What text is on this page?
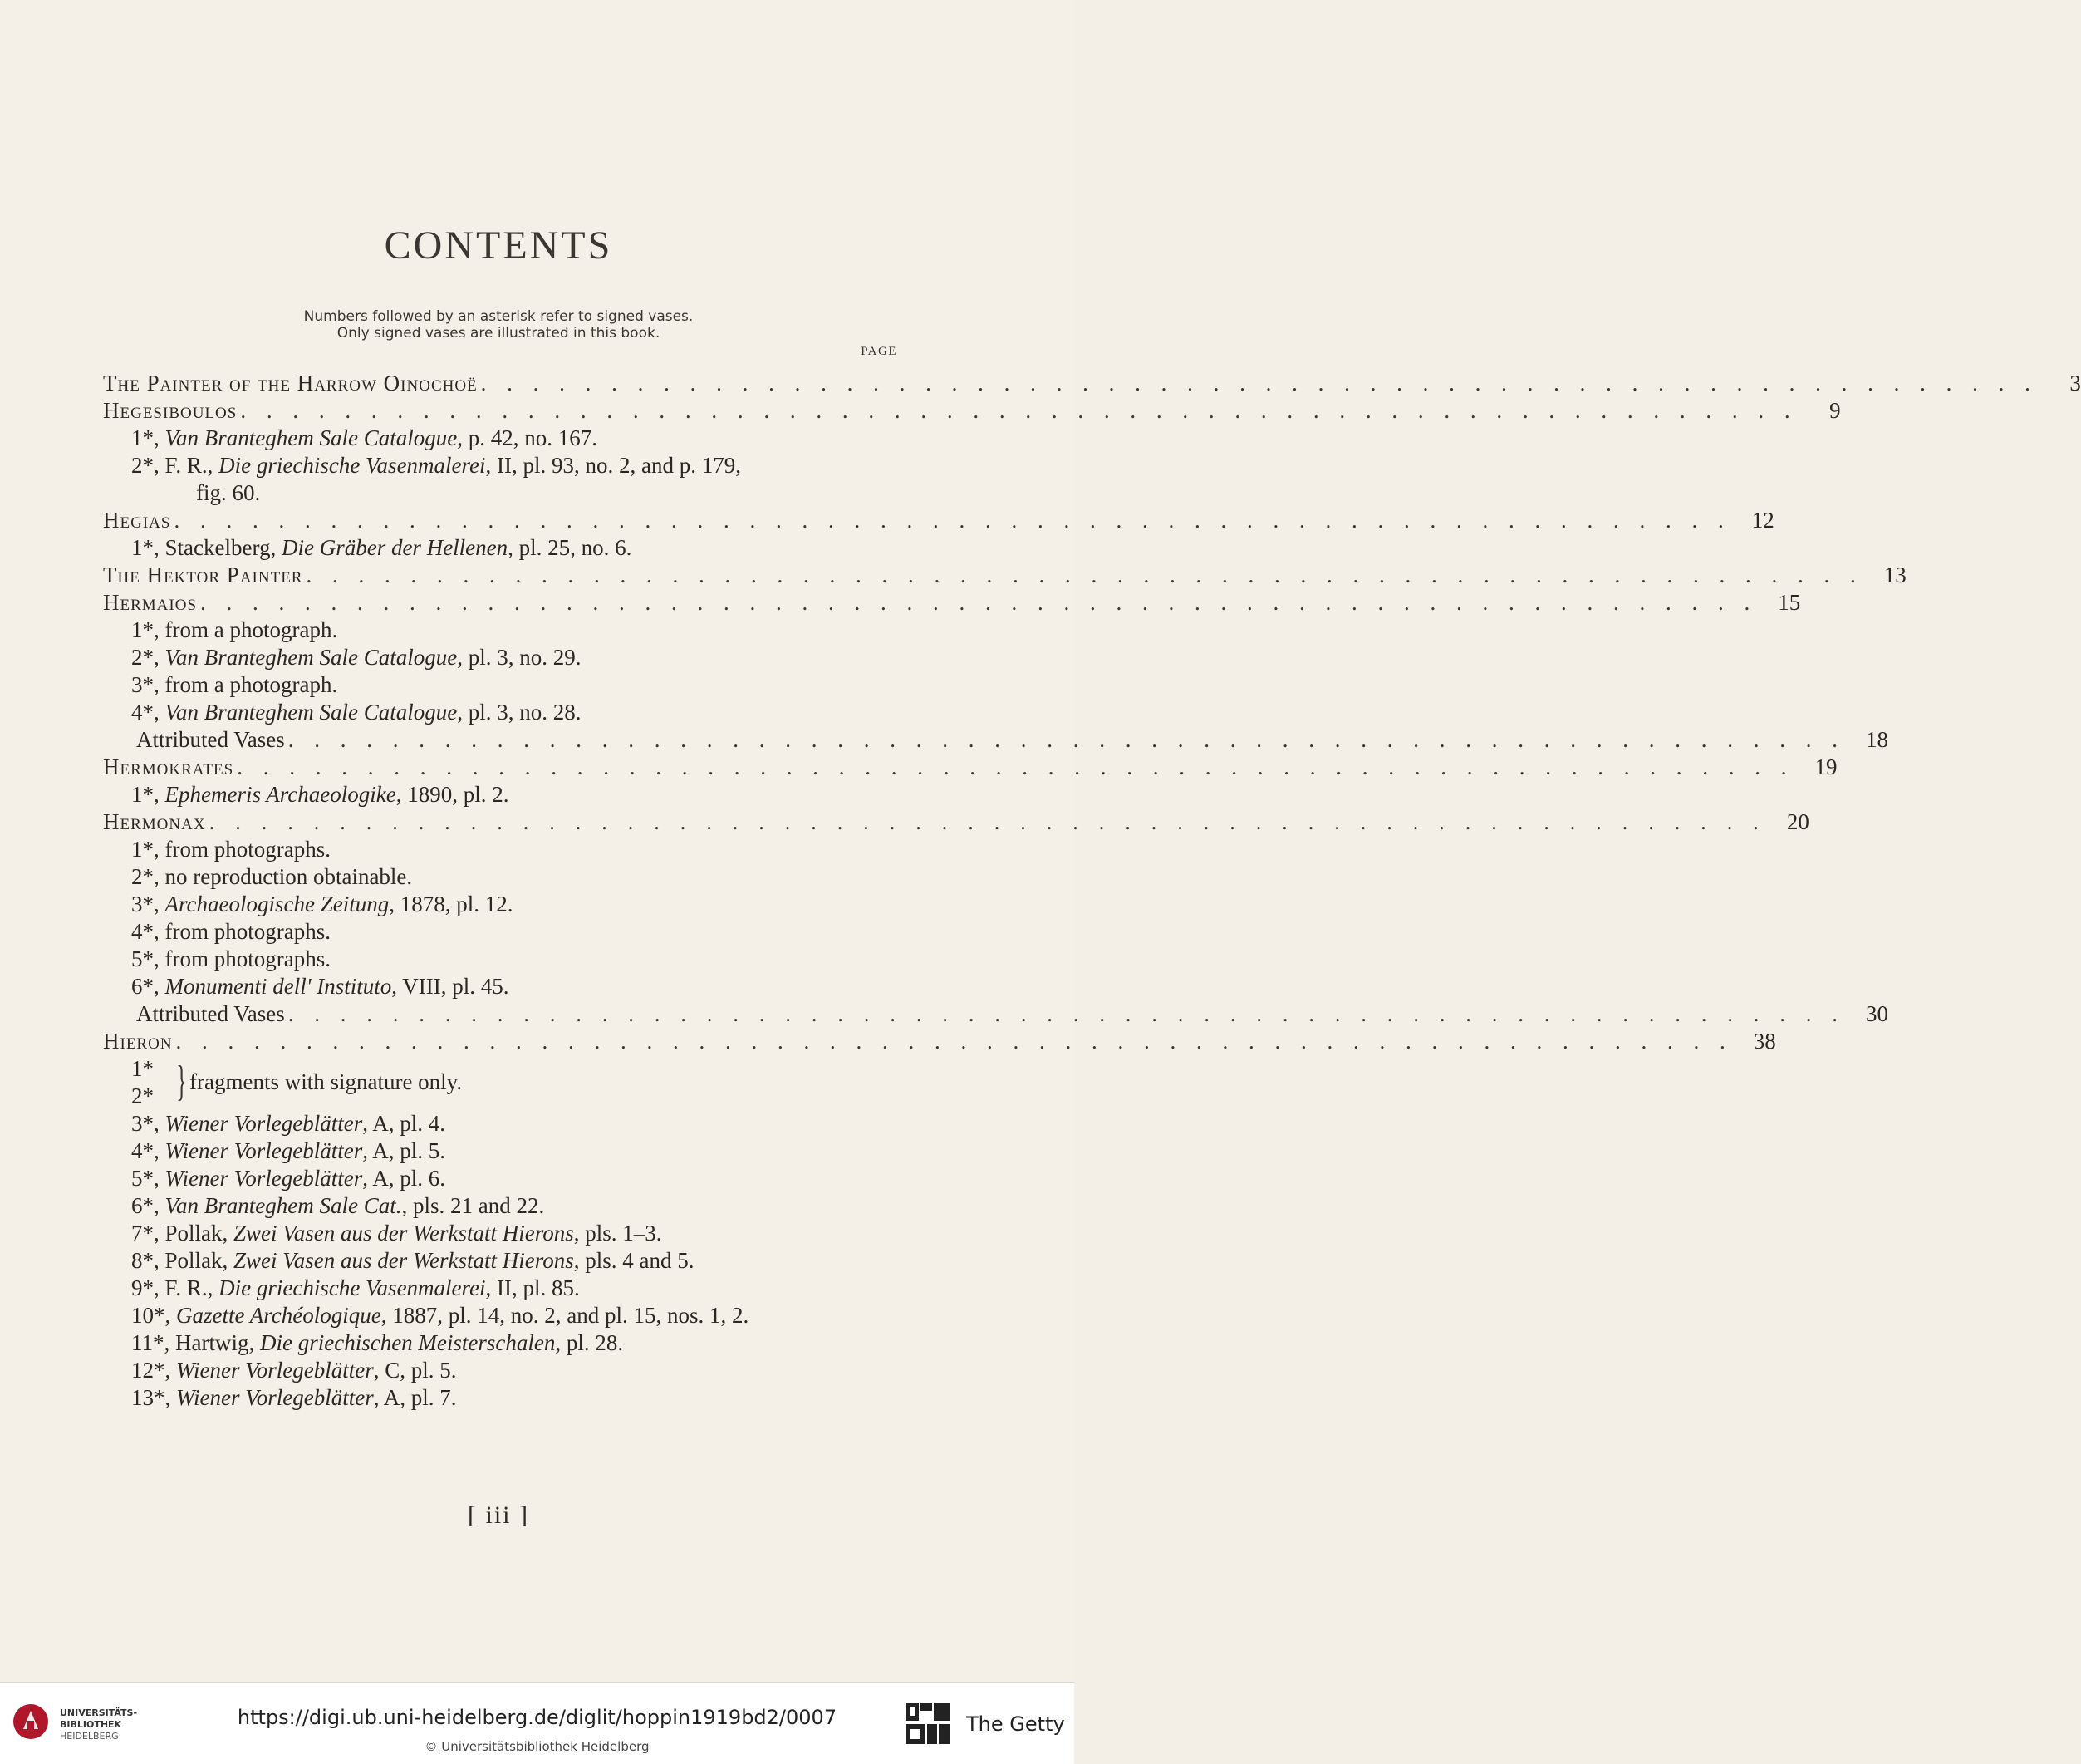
CONTENTS
Numbers followed by an asterisk refer to signed vases.
Only signed vases are illustrated in this book.
PAGE
The Painter of the Harrow Oinochoë . . . . . . . . . . . . . . . . . . . . . . . . . . . . . . . . . . . . . . . . . . . . . . . . . . . . . . . . . . . .	3
Hegesiboulos . . . . . . . . . . . . . . . . . . . . . . . . . . . . . . . . . . . . . . . . . . . . . . . . . . . . . . . . . . . .	9
1*, Van Branteghem Sale Catalogue, p. 42, no. 167.
2*, F. R., Die griechische Vasenmalerei, II, pl. 93, no. 2, and p. 179,
fig. 60.
Hegias . . . . . . . . . . . . . . . . . . . . . . . . . . . . . . . . . . . . . . . . . . . . . . . . . . . . . . . . . . . . 12
1*, Stackelberg, Die Gräber der Hellenen, pl. 25, no. 6.
The Hektor Painter . . . . . . . . . . . . . . . . . . . . . . . . . . . . . . . . . . . . . . . . . . . . . . . . . . . . . . . . . . . . 13
Hermaios . . . . . . . . . . . . . . . . . . . . . . . . . . . . . . . . . . . . . . . . . . . . . . . . . . . . . . . . . . . . 15
1*, from a photograph.
2*, Van Branteghem Sale Catalogue, pl. 3, no. 29.
3*, from a photograph.
4*, Van Branteghem Sale Catalogue, pl. 3, no. 28.
Attributed Vases . . . . . . . . . . . . . . . . . . . . . . . . . . . . . . . . . . . . . . . . . . . . . . . . . . . . . . . . . . . . 18
Hermokrates . . . . . . . . . . . . . . . . . . . . . . . . . . . . . . . . . . . . . . . . . . . . . . . . . . . . . . . . . . . . 19
1*, Ephemeris Archaeologike, 1890, pl. 2.
Hermonax . . . . . . . . . . . . . . . . . . . . . . . . . . . . . . . . . . . . . . . . . . . . . . . . . . . . . . . . . . . . 20
1*, from photographs.
2*, no reproduction obtainable.
3*, Archaeologische Zeitung, 1878, pl. 12.
4*, from photographs.
5*, from photographs.
6*, Monumenti dell' Instituto, VIII, pl. 45.
Attributed Vases . . . . . . . . . . . . . . . . . . . . . . . . . . . . . . . . . . . . . . . . . . . . . . . . . . . . . . . . . . . . 30
Hieron . . . . . . . . . . . . . . . . . . . . . . . . . . . . . . . . . . . . . . . . . . . . . . . . . . . . . . . . . . . . 38
1*
2* } fragments with signature only.
3*, Wiener Vorlegeblätter, A, pl. 4.
4*, Wiener Vorlegeblätter, A, pl. 5.
5*, Wiener Vorlegeblätter, A, pl. 6.
6*, Van Branteghem Sale Cat., pls. 21 and 22.
7*, Pollak, Zwei Vasen aus der Werkstatt Hierons, pls. 1–3.
8*, Pollak, Zwei Vasen aus der Werkstatt Hierons, pls. 4 and 5.
9*, F. R., Die griechische Vasenmalerei, II, pl. 85.
10*, Gazette Archéologique, 1887, pl. 14, no. 2, and pl. 15, nos. 1, 2.
11*, Hartwig, Die griechischen Meisterschalen, pl. 28.
12*, Wiener Vorlegeblätter, C, pl. 5.
13*, Wiener Vorlegeblätter, A, pl. 7.
[ iii ]
UNIVERSITÄTS-
BIBLIOTHEK
HEIDELBERG
https://digi.ub.uni-heidelberg.de/diglit/hoppin1919bd2/0007
© Universitätsbibliothek Heidelberg
The Getty
